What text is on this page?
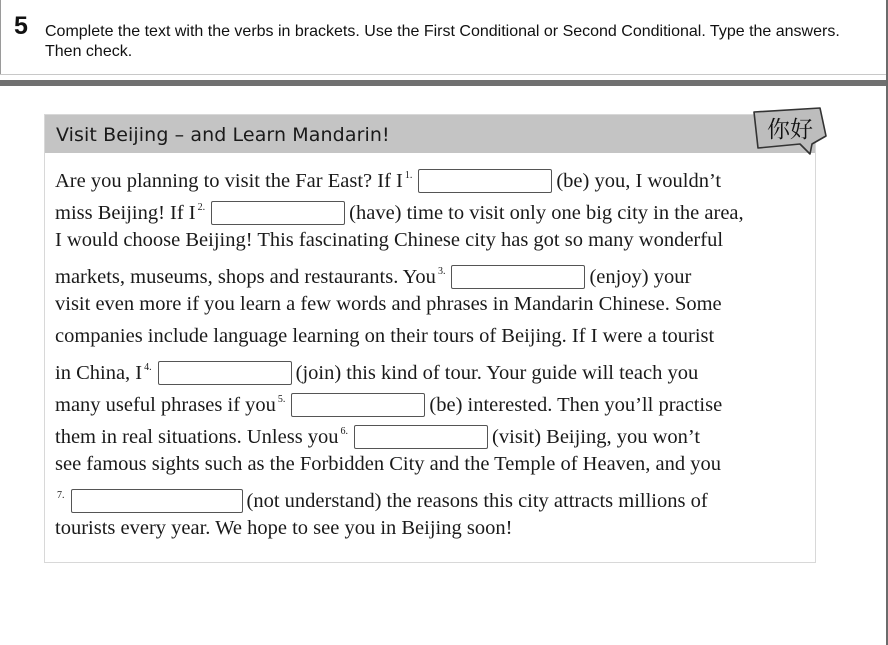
5 Complete the text with the verbs in brackets. Use the First Conditional or Second Conditional. Type the answers. Then check.
Visit Beijing – and Learn Mandarin!	你好
Are you planning to visit the Far East? If I $^{1.}$	(be) you, I wouldn’t
miss Beijing! If I $^{2.}$	(have) time to visit only one big city in the area,
I would choose Beijing! This fascinating Chinese city has got so many wonderful
markets, museums, shops and restaurants. You $^{3.}$	(enjoy) your
visit even more if you learn a few words and phrases in Mandarin Chinese. Some
companies include language learning on their tours of Beijing. If I were a tourist
in China, I $^{4.}$	(join) this kind of tour. Your guide will teach you
many useful phrases if you $^{5.}$	(be) interested. Then you’ll practise
them in real situations. Unless you $^{6.}$	(visit) Beijing, you won’t
see famous sights such as the Forbidden City and the Temple of Heaven, and you
$^{7.}$	(not understand) the reasons this city attracts millions of
tourists every year. We hope to see you in Beijing soon!
